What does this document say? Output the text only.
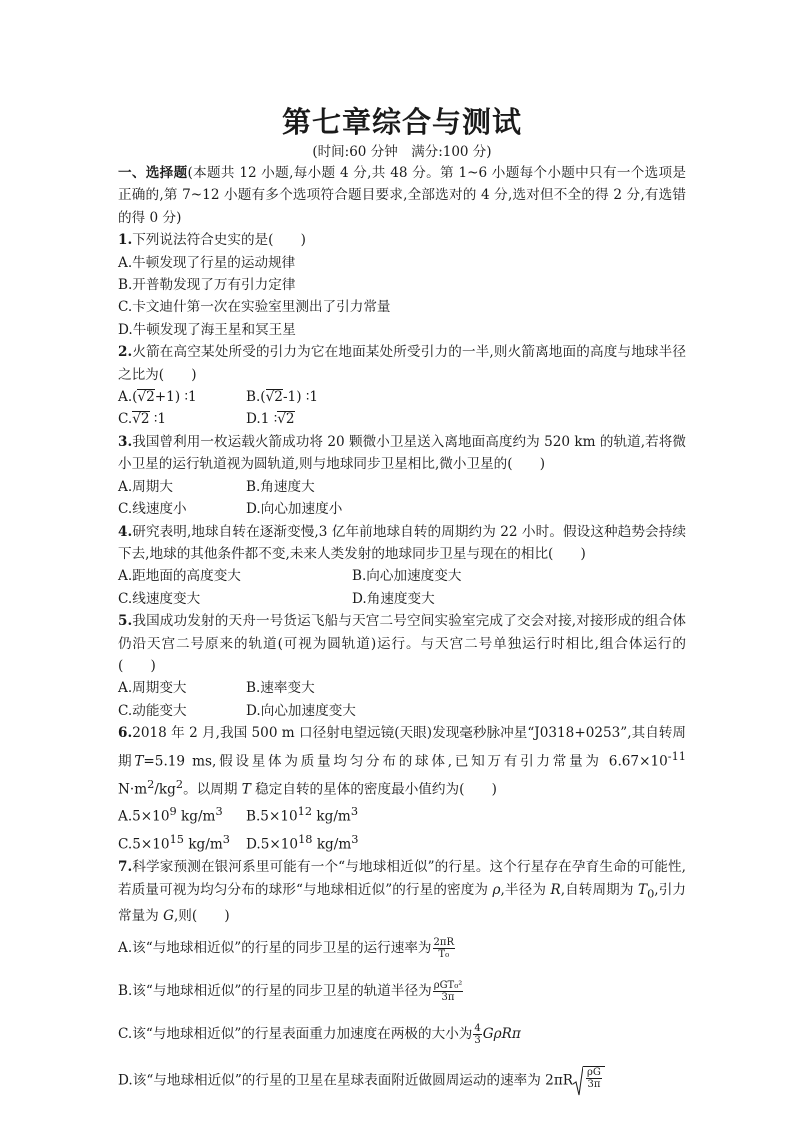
第七章综合与测试
(时间:60 分钟　满分:100 分)
一、选择题(本题共 12 小题,每小题 4 分,共 48 分。第 1~6 小题每个小题中只有一个选项是正确的,第 7~12 小题有多个选项符合题目要求,全部选对的 4 分,选对但不全的得 2 分,有选错的得 0 分)
1.下列说法符合史实的是(　　)
A.牛顿发现了行星的运动规律
B.开普勒发现了万有引力定律
C.卡文迪什第一次在实验室里测出了引力常量
D.牛顿发现了海王星和冥王星
2.火箭在高空某处所受的引力为它在地面某处所受引力的一半,则火箭离地面的高度与地球半径之比为(　　)
A.(√2+1) ∶1	B.(√2-1) ∶1
C.√2 ∶1	D.1 ∶√2
3.我国曾利用一枚运载火箭成功将 20 颗微小卫星送入离地面高度约为 520 km 的轨道,若将微小卫星的运行轨道视为圆轨道,则与地球同步卫星相比,微小卫星的(　　)
A.周期大	B.角速度大
C.线速度小	D.向心加速度小
4.研究表明,地球自转在逐渐变慢,3 亿年前地球自转的周期约为 22 小时。假设这种趋势会持续下去,地球的其他条件都不变,未来人类发射的地球同步卫星与现在的相比(　　)
A.距地面的高度变大	B.向心加速度变大
C.线速度变大	D.角速度变大
5.我国成功发射的天舟一号货运飞船与天宫二号空间实验室完成了交会对接,对接形成的组合体仍沿天宫二号原来的轨道(可视为圆轨道)运行。与天宫二号单独运行时相比,组合体运行的(　　)
A.周期变大	B.速率变大
C.动能变大	D.向心加速度变大
6.2018 年 2 月,我国 500 m 口径射电望远镜(天眼)发现毫秒脉冲星“J0318+0253”,其自转周期T=5.19 ms,假设星体为质量均匀分布的球体,已知万有引力常量为 $6.67\times 10^{-11}$ $N\cdot m^2/kg^2$。以周期 T 稳定自转的星体的密度最小值约为(　　)
$A.5\times 10^9$ $kg/m^3$	$B.5\times 10^{12}$ $kg/m^3$
$C.5\times 10^{15}$ $kg/m^3$	$D.5\times 10^{18}$ $kg/m^3$
7.科学家预测在银河系里可能有一个“与地球相近似”的行星。这个行星存在孕育生命的可能性,若质量可视为均匀分布的球形“与地球相近似”的行星的密度为 ρ,半径为 R,自转周期为 $T_0$,引力常量为 G,则(　　)
A.该“与地球相近似”的行星的同步卫星的运行速率为 $\frac{2\pi R}{\text{T₀}}$
B.该“与地球相近似”的行星的同步卫星的轨道半径为 $\frac{\text{ρGT₀²}}{3\pi}$
C.该“与地球相近似”的行星表面重力加速度在两极的大小为 $\frac{4}{3}$ GρRπ
D.该“与地球相近似”的行星的卫星在星球表面附近做圆周运动的速率为 $2\pi R \frac{\rho G}{3\pi}$
